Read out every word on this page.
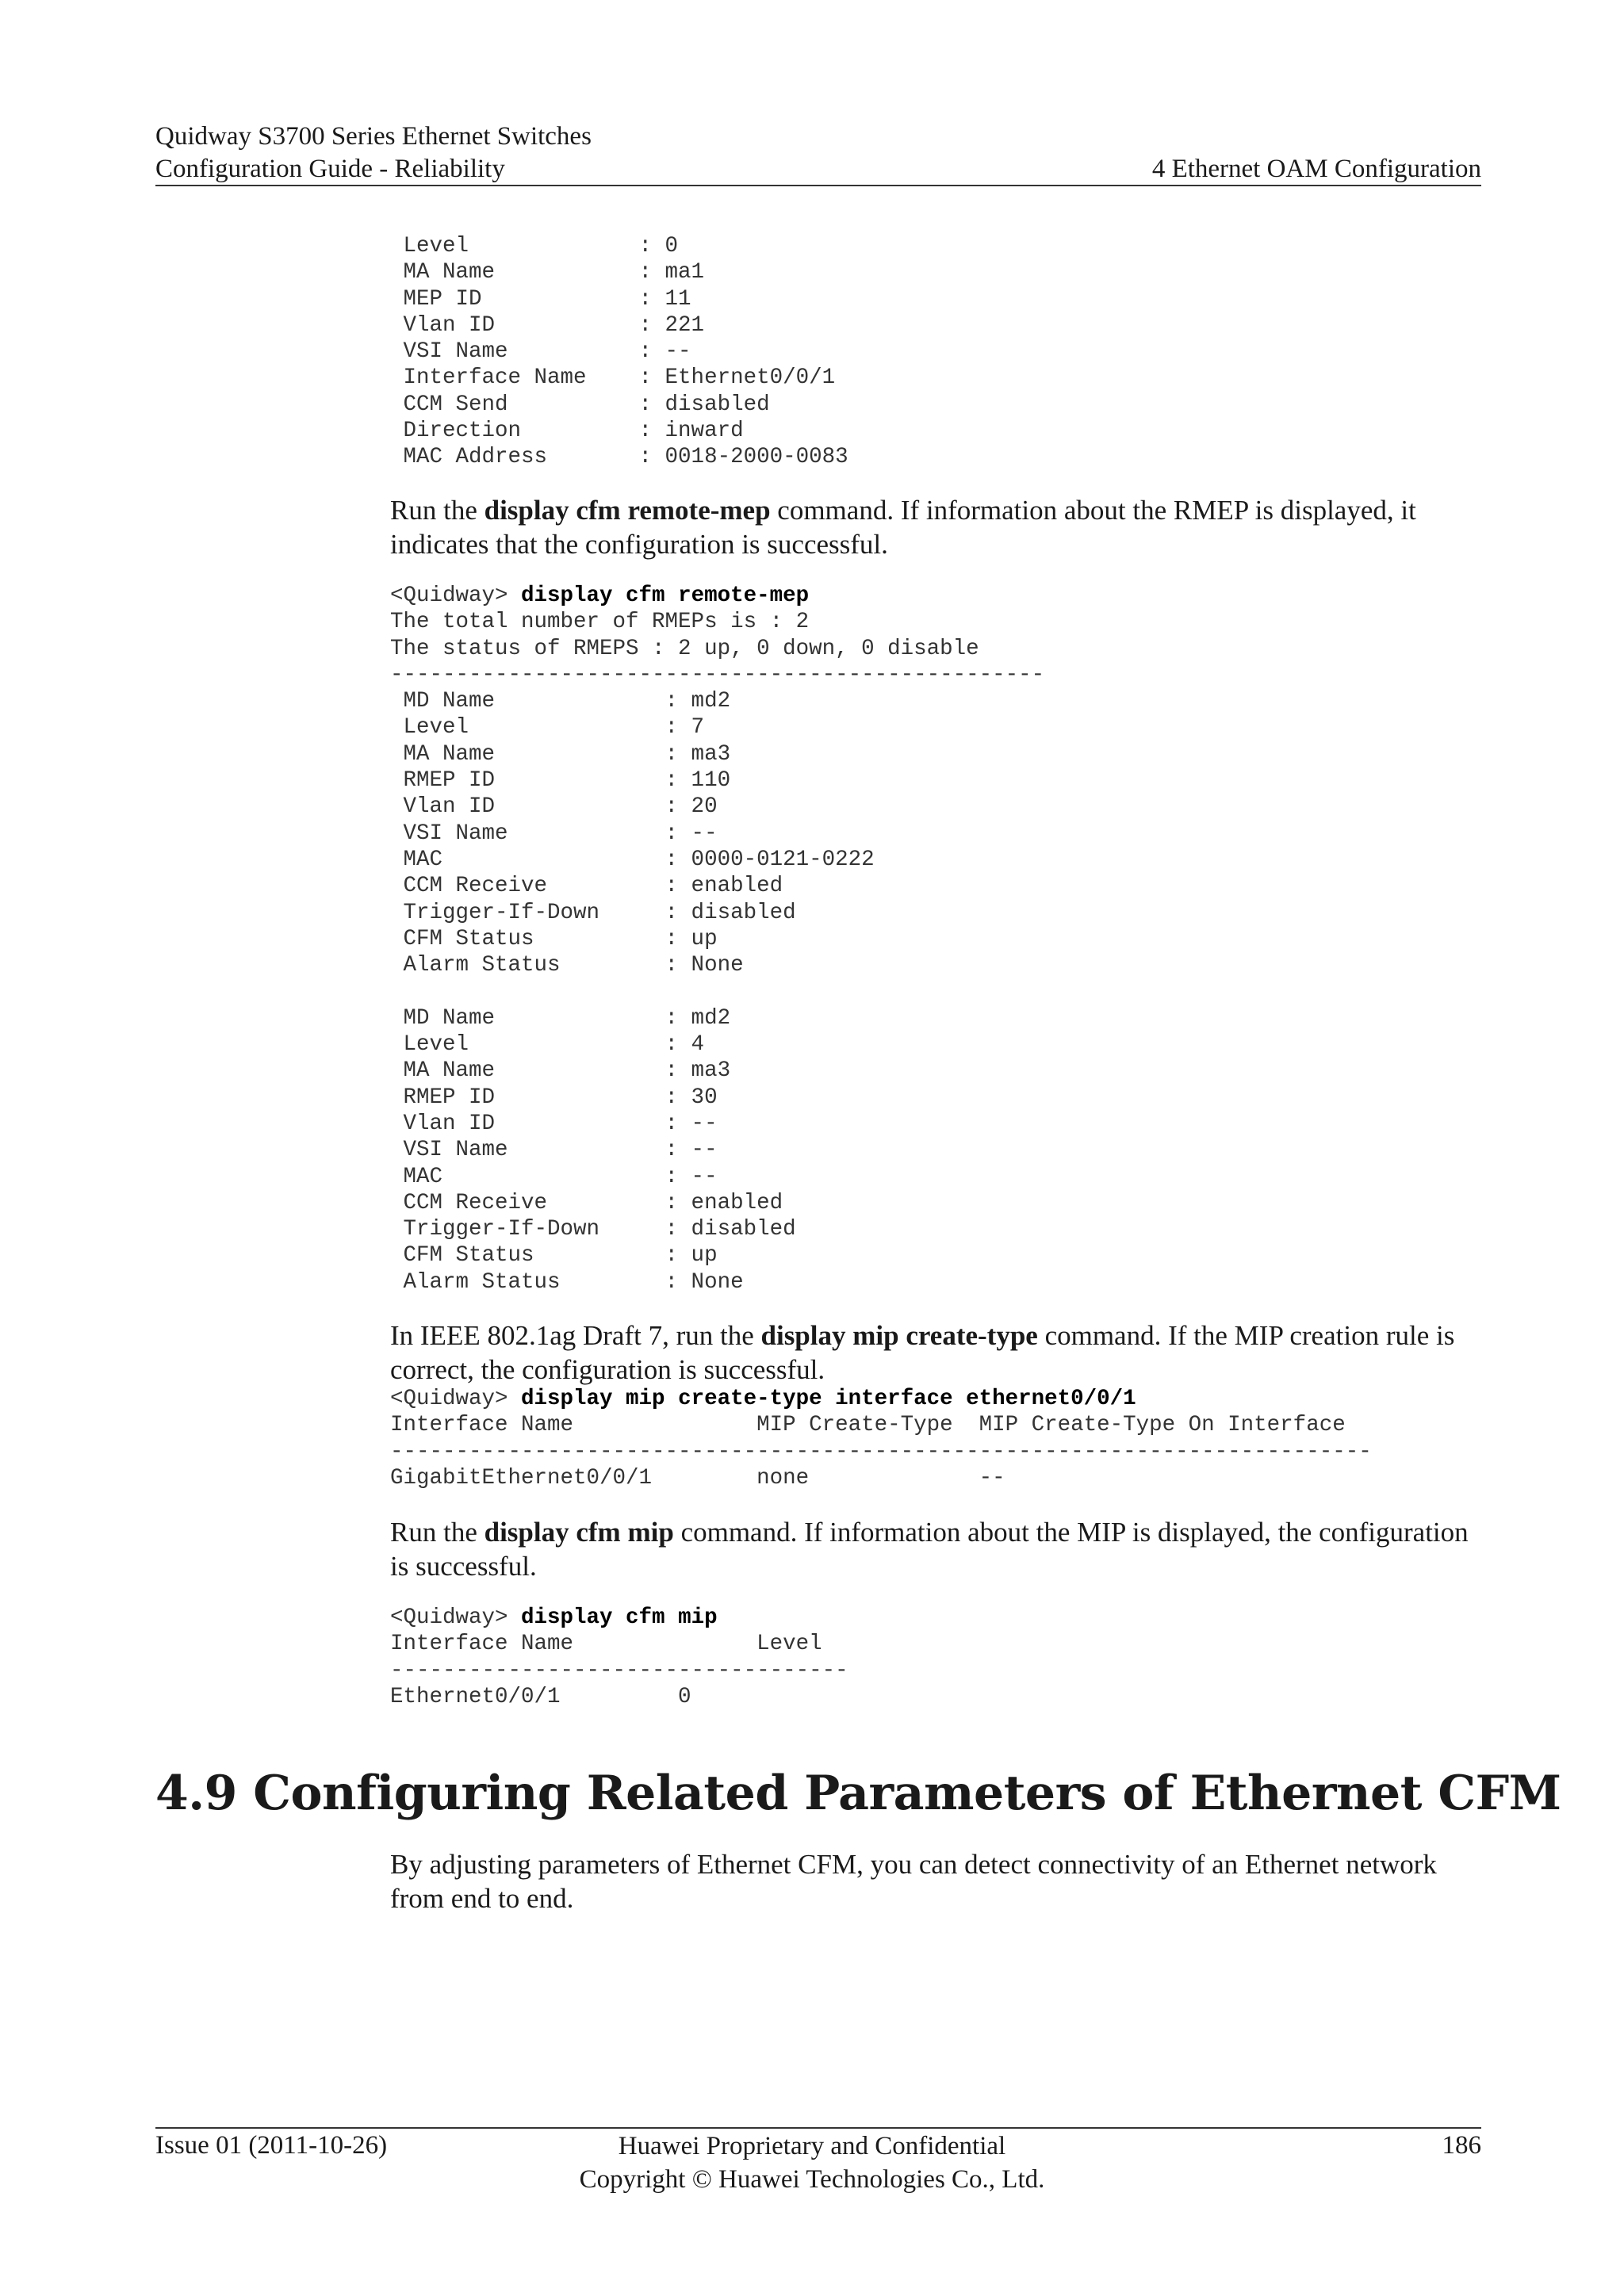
Quidway S3700 Series Ethernet Switches
Configuration Guide - Reliability	4 Ethernet OAM Configuration
Level             : 0
MA Name           : ma1
MEP ID            : 11
Vlan ID           : 221
VSI Name          : --
Interface Name    : Ethernet0/0/1
CCM Send          : disabled
Direction         : inward
MAC Address       : 0018-2000-0083

Run the display cfm remote-mep command. If information about the RMEP is displayed, it indicates that the configuration is successful.

<Quidway> display cfm remote-mep
The total number of RMEPs is : 2
The status of RMEPS : 2 up, 0 down, 0 disable
--------------------------------------------------
MD Name             : md2
Level               : 7
MA Name             : ma3
RMEP ID             : 110
Vlan ID             : 20
VSI Name            : --
MAC                 : 0000-0121-0222
CCM Receive         : enabled
Trigger-If-Down     : disabled
CFM Status          : up
Alarm Status        : None

MD Name             : md2
Level               : 4
MA Name             : ma3
RMEP ID             : 30
Vlan ID             : --
VSI Name            : --
MAC                 : --
CCM Receive         : enabled
Trigger-If-Down     : disabled
CFM Status          : up
Alarm Status        : None

In IEEE 802.1ag Draft 7, run the display mip create-type command. If the MIP creation rule is correct, the configuration is successful.

<Quidway> display mip create-type interface ethernet0/0/1
Interface Name              MIP Create-Type  MIP Create-Type On Interface
---------------------------------------------------------------------------
GigabitEthernet0/0/1        none             --

Run the display cfm mip command. If information about the MIP is displayed, the configuration is successful.

<Quidway> display cfm mip
Interface Name              Level
-----------------------------------
Ethernet0/0/1         0
4.9 Configuring Related Parameters of Ethernet CFM

By adjusting parameters of Ethernet CFM, you can detect connectivity of an Ethernet network from end to end.

Issue 01 (2011-10-26)	Huawei Proprietary and Confidential
Copyright © Huawei Technologies Co., Ltd.
186
